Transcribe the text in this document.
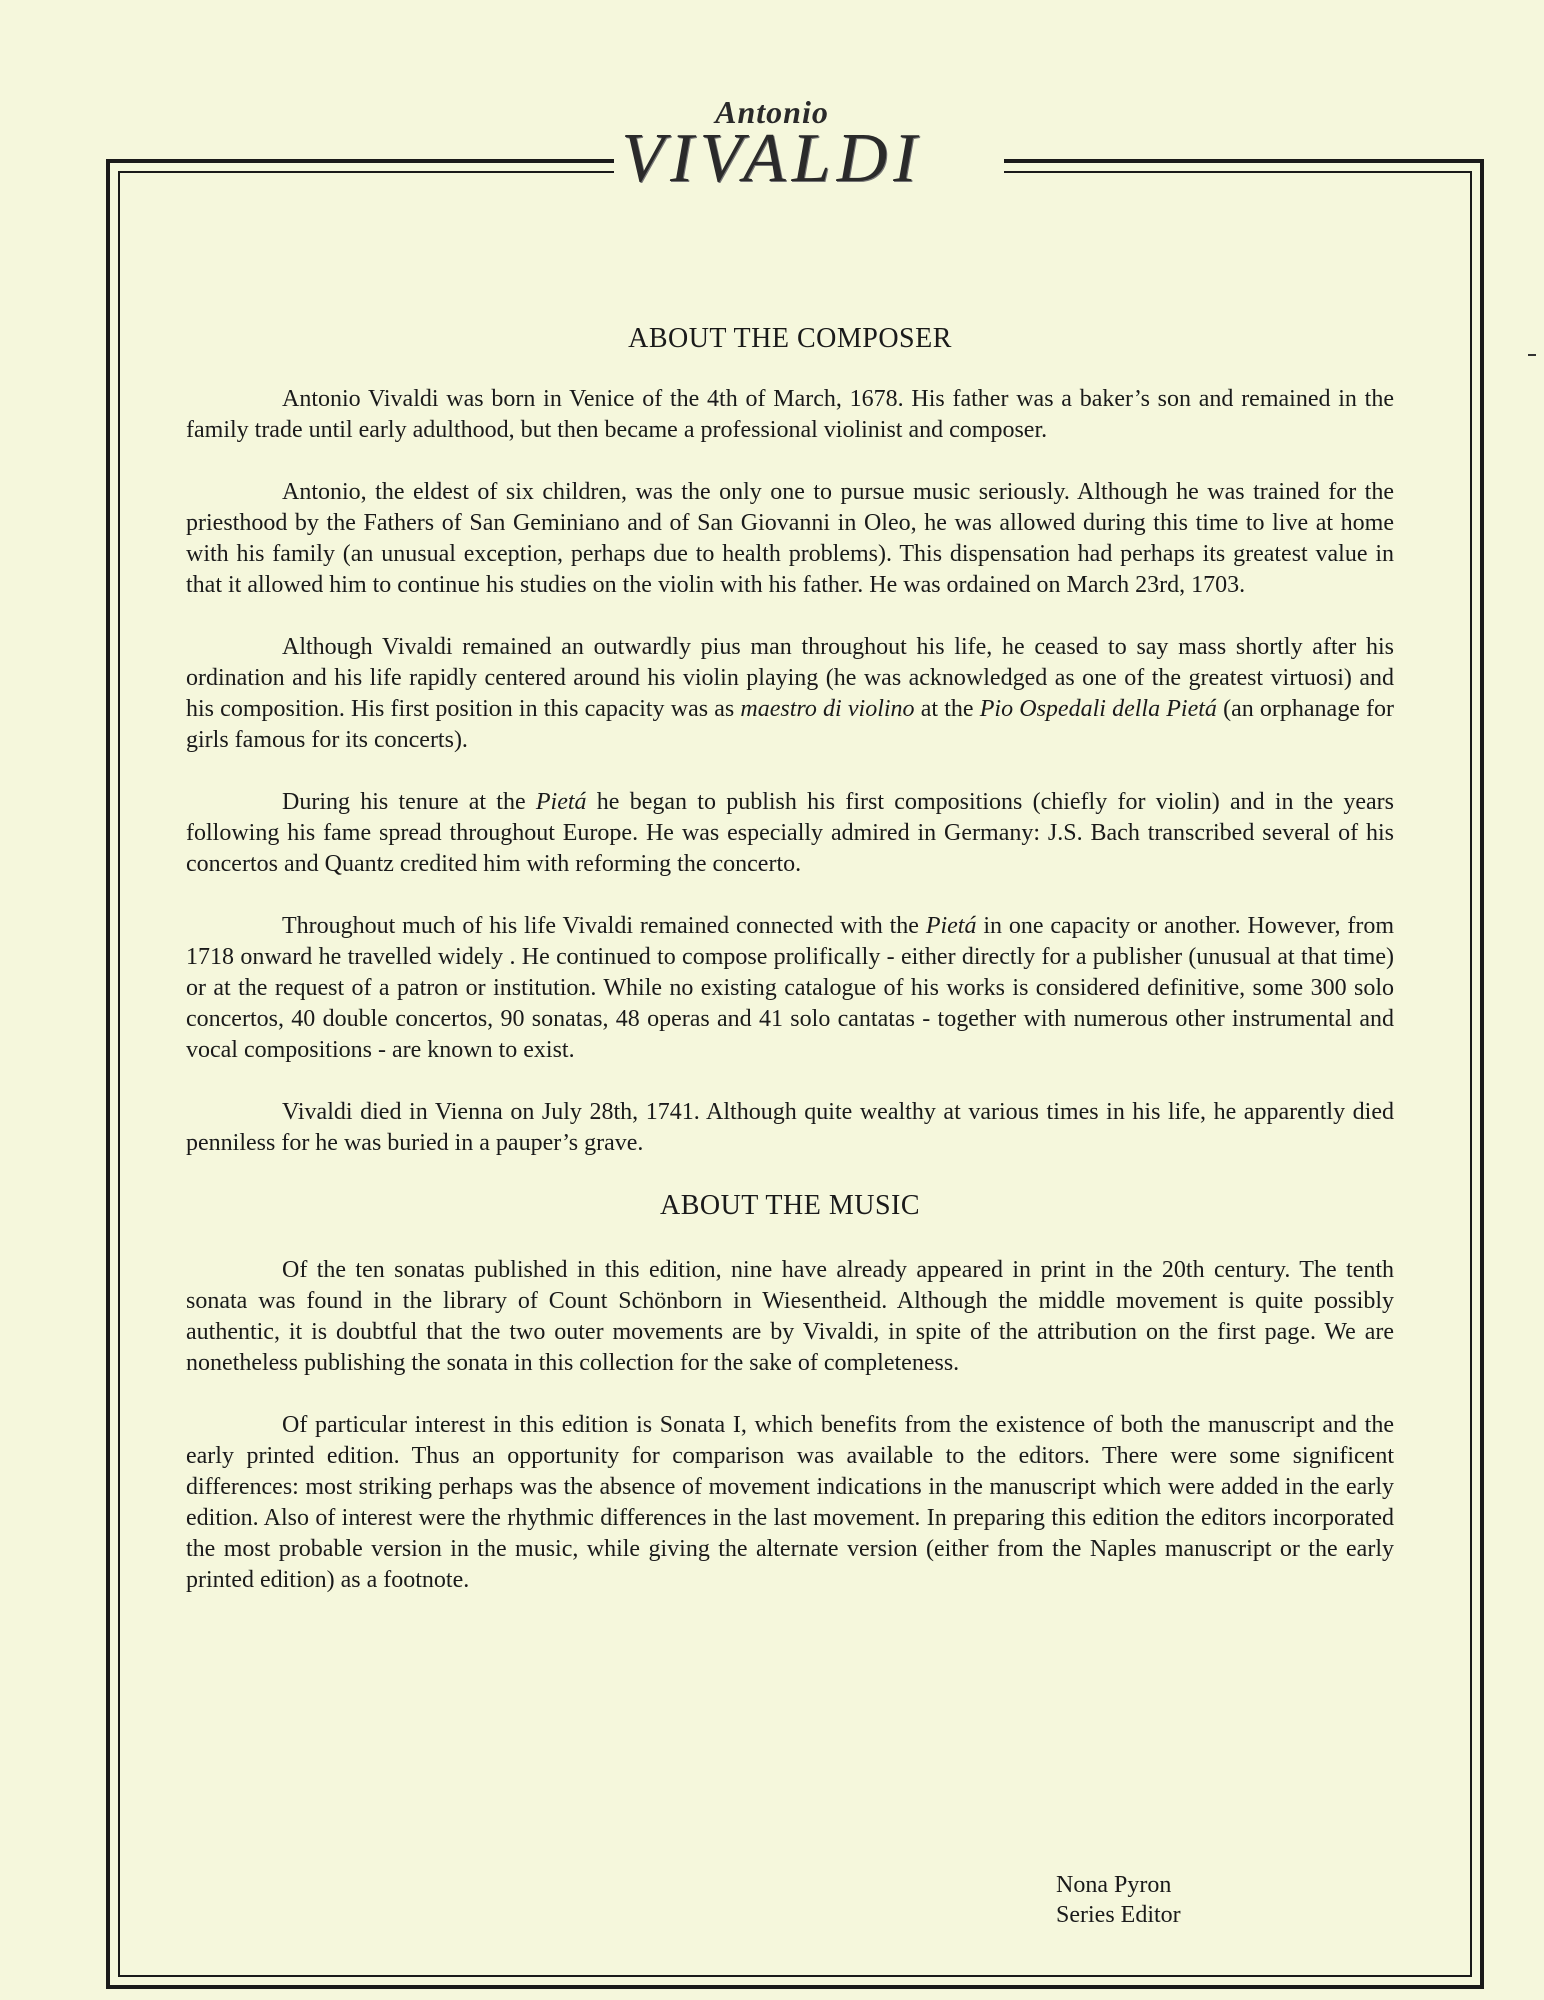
Antonio
VIVALDI
ABOUT THE COMPOSER

Antonio Vivaldi was born in Venice of the 4th of March, 1678. His father was a baker’s son and remained in the family trade until early adulthood, but then became a professional violinist and composer.

Antonio, the eldest of six children, was the only one to pursue music seriously. Although he was trained for the priesthood by the Fathers of San Geminiano and of San Giovanni in Oleo, he was allowed during this time to live at home with his family (an unusual exception, perhaps due to health problems). This dispensation had perhaps its greatest value in that it allowed him to continue his studies on the violin with his father. He was ordained on March 23rd, 1703.

Although Vivaldi remained an outwardly pius man throughout his life, he ceased to say mass shortly after his ordination and his life rapidly centered around his violin playing (he was acknowledged as one of the greatest virtuosi) and his composition. His first position in this capacity was as maestro di violino at the Pio Ospedali della Pietá (an orphanage for girls famous for its concerts).

During his tenure at the Pietá he began to publish his first compositions (chiefly for violin) and in the years following his fame spread throughout Europe. He was especially admired in Germany: J.S. Bach transcribed several of his concertos and Quantz credited him with reforming the concerto.

Throughout much of his life Vivaldi remained connected with the Pietá in one capacity or another. However, from 1718 onward he travelled widely . He continued to compose prolifically - either directly for a publisher (unusual at that time) or at the request of a patron or institution. While no existing catalogue of his works is considered definitive, some 300 solo concertos, 40 double concertos, 90 sonatas, 48 operas and 41 solo cantatas - together with numerous other instrumental and vocal compositions - are known to exist.

Vivaldi died in Vienna on July 28th, 1741. Although quite wealthy at various times in his life, he apparently died penniless for he was buried in a pauper’s grave.

ABOUT THE MUSIC

Of the ten sonatas published in this edition, nine have already appeared in print in the 20th century. The tenth sonata was found in the library of Count Schönborn in Wiesentheid. Although the middle movement is quite possibly authentic, it is doubtful that the two outer movements are by Vivaldi, in spite of the attribution on the first page. We are nonetheless publishing the sonata in this collection for the sake of completeness.

Of particular interest in this edition is Sonata I, which benefits from the existence of both the manuscript and the early printed edition. Thus an opportunity for comparison was available to the editors. There were some significent differences: most striking perhaps was the absence of movement indications in the manuscript which were added in the early edition. Also of interest were the rhythmic differences in the last movement. In preparing this edition the editors incorporated the most probable version in the music, while giving the alternate version (either from the Naples manuscript or the early printed edition) as a footnote.

Nona Pyron
Series Editor
